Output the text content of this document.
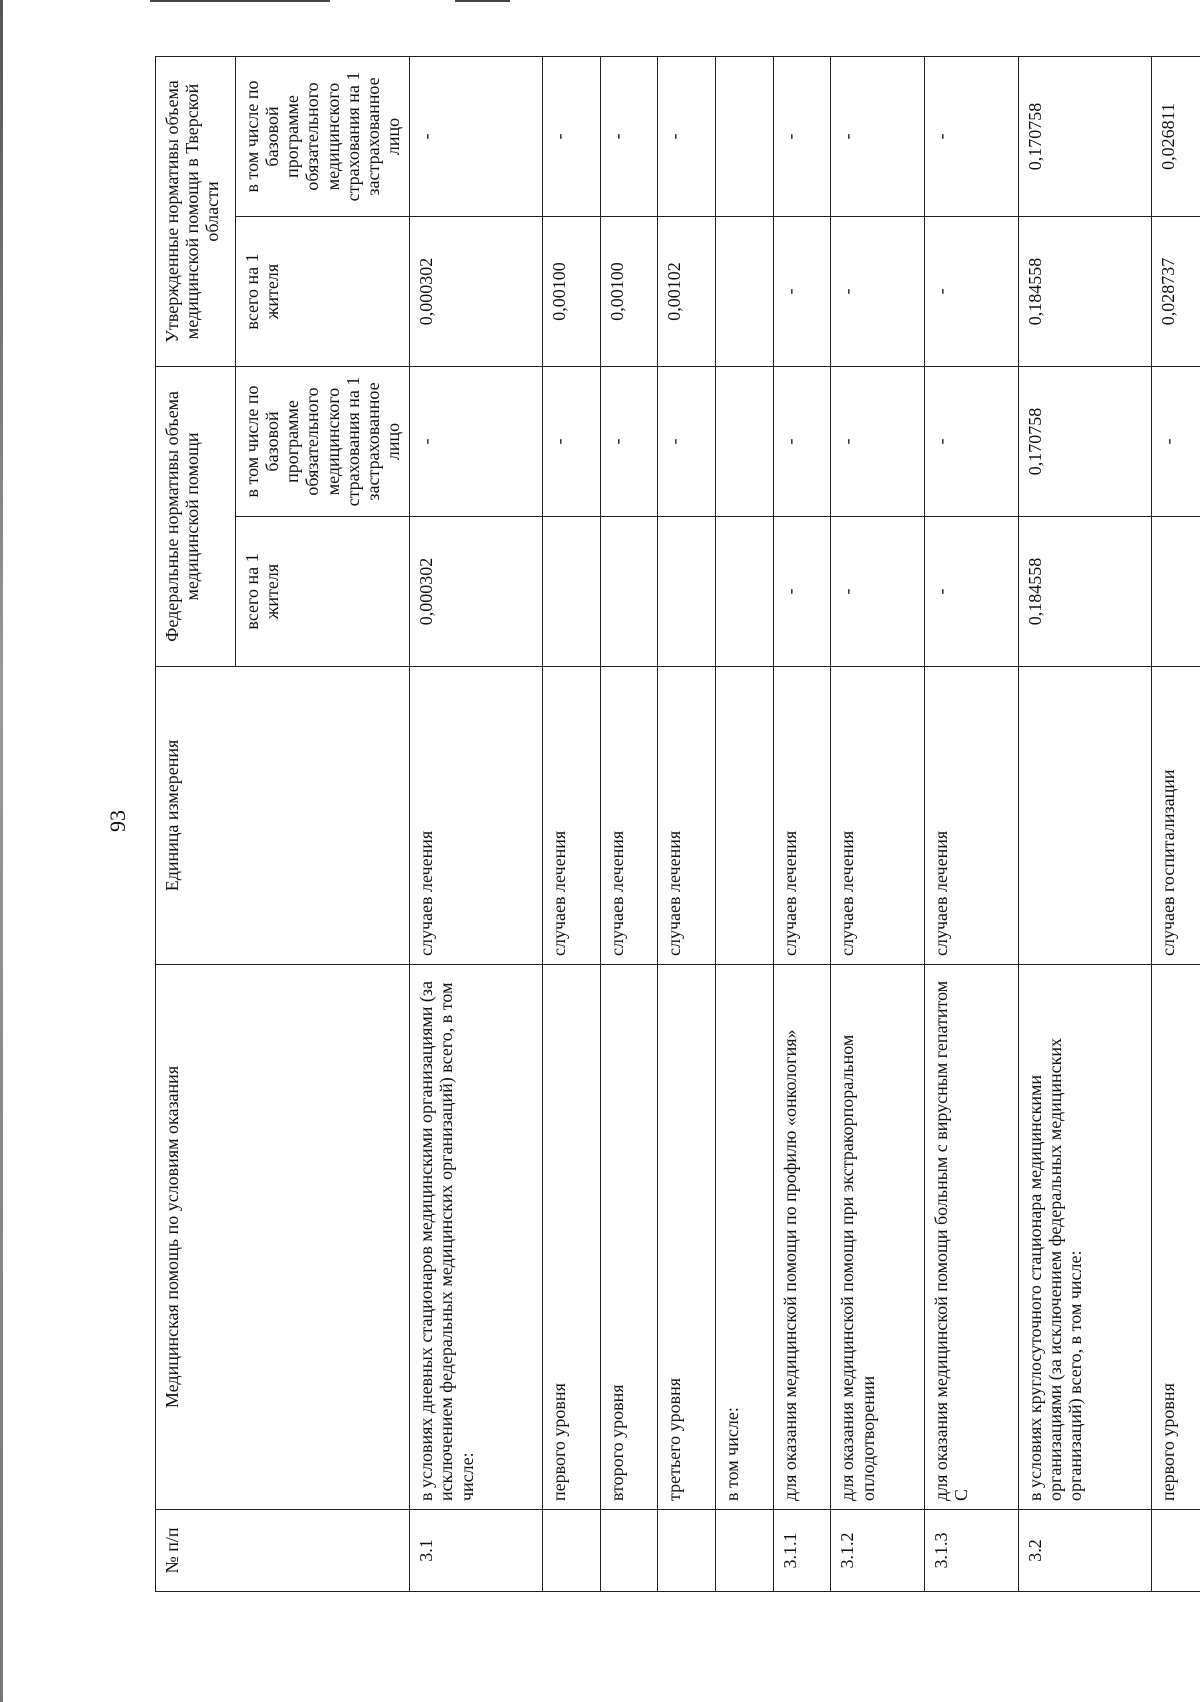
93
№ п/п	Медицинская помощь по условиям оказания	Единица измерения	Федеральные нормативы объема медицинской помощи		Утвержденные нормативы объема медицинской помощи в Тверской области	
			всего на 1 жителя	в том числе по базовой программе обязательного медицинского страхования на 1 застрахованное лицо	всего на 1 жителя	в том числе по базовой программе обязательного медицинского страхования на 1 застрахованное лицо
3.1	в условиях дневных стационаров медицинскими организациями (за исключением федеральных медицинских организаций) всего, в том числе:	случаев лечения	0,000302	-	0,000302	-
	первого уровня	случаев лечения		-	0,00100	-
	второго уровня	случаев лечения		-	0,00100	-
	третьего уровня	случаев лечения		-	0,00102	-
	в том числе:					
3.1.1	для оказания медицинской помощи по профилю «онкология»	случаев лечения	-	-	-	-
3.1.2	для оказания медицинской помощи при экстракорпоральном оплодотворении	случаев лечения	-	-	-	-
3.1.3	для оказания медицинской помощи больным с вирусным гепатитом С	случаев лечения	-	-	-	-
3.2	в условиях круглосуточного стационара медицинскими организациями (за исключением федеральных медицинских организаций) всего, в том числе:		0,184558	0,170758	0,184558	0,170758
	первого уровня	случаев госпитализации		-	0,028737	0,026811
